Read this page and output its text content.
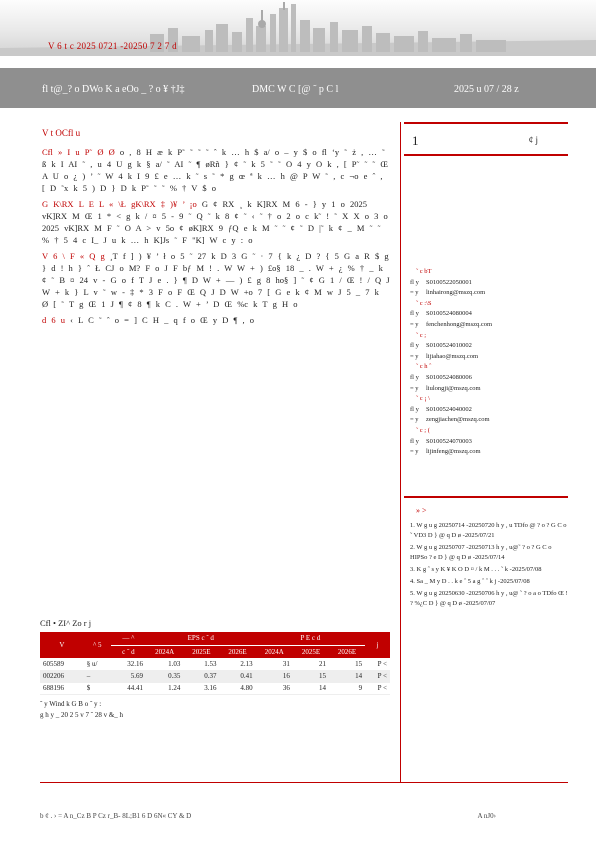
V 6 t c 2025 0721 -20250 7 2 7 d
fl t@_? o DWo K a eOo _ ? o ¥ †J‡	DMC W C [@ ˜ p C l	2025 u 07 / 28 z
V t OCfl u

Cfl » I u P˜ Ø Ø o , 8 H æ k P˜ ˜ ˜ ˜ ˆ k … h $ a/ o – y $ o fl ‘y ˜ ż , … ˜ ß k I AI ˜ , u 4 U g k § a/ ˜ AI ˜ ¶ øRñ } ¢ ˜ k 5 ˜ ˜ O 4 y O k , [ P˜ ˜ ˜ Œ A U o ¿ ) ’ ˜ W 4 k I 9 £ e … k ˜ s ˜ * g œ ª k … h @ P W ˜ , c ¬o e ˆ , [ D ˜x k 5 ) D } D k P˜ ˜ ˜ % † V $ o

G K\RX L E L « \Ł gK\RX ‡ )¥ ’ ¡o G ¢ RX ¸ k K]RX M 6 - } y 1 o 2025 vK]RX M Œ 1 * < g k / ¤ 5 - 9 ˜ Q ˜ k 8 ¢ ˜ ‹ ˜ † o 2 o c k˜ ! ˜ X X o 3 o 2025 vK]RX M F ˜ O A > v 5o ¢ øK]RX 9 ƒQ e k M ˜ ˜ ¢ ˜ D |˜ k ¢ _ M ˜ ˜ % † 5 4 c I_ J u k … h K]Js ˜ F "K] W c y : o

V 6 \ F « Q g ¸T f ] ) ¥ ’ ł o 5 ˜ 27 k D 3 G ˜ · 7 { k ¿ D ? { 5 G a R $ g } d ! h } ˆ Ł CJ o M? F o J F bƒ M ! . W W + ) £o§ 18 _ . W + ¿ % † _ k ¢ ˜ B ¤ 24 v - G o f T J e . } ¶ D W + — ) £ g 8 ho§ ] ˜ ¢ G 1 / Œ ! / Q J W + k } L v ˜ w - ‡ * 3 F o F Œ Q J D W +o 7 [ G e k ¢ M w J 5 _ 7 k Ø [ ˜ T g Œ 1 J ¶ ¢ 8 ¶ k C . W + ’ D Œ %c k T g H o

d 6 u ‹ L C ˜ ˆ o = ] C H _ q f o Œ y D ¶ , o

Cfl • ZI^ Zo r j
V	^ 5	— ^	EPS c ˜ d			P E c d			j
		c ˜ d	2024A	2025E	2026E	2024A	2025E	2026E	
605589	§ u/	32.16	1.03	1.53	2.13	31	21	15	P <
002206	–	5.69	0.35	0.37	0.41	16	15	14	P <
688196	$	44.41	1.24	3.16	4.80	36	14	9	P <
˜ y Wind k G B o ˜ y :
g h y _ 20 2 5 v 7 ˜ 28 v &_ h
1	¢ j
˜ c bT
fl y	S0100522050001
= y	linhairong@mszq.com
˜ c :\S
fl y	S0100524080004
= y	fenchenhong@mszq.com
˜ c ;
fl y	S0100524010002
= y	lijiahao@mszq.com
˜ c h ˆ
fl y	S0100524080006
= y	liulongji@mszq.com
˜ c ¡ \
fl y	S0100524040002
= y	zengjiachen@mszq.com
˜ c ; (
fl y	S0100524070003
= y	lijinfeng@mszq.com
» >
1. W g u g 20250714 -20250720 h y , u TDfo @ ? o ? G C o ˜ VD3 D } @ q D ø -2025/07/21
2. W g u g 20250707 -20250713 h y , u@˜ ? o ? G C o HIPSo ? e D } @ q D ø -2025/07/14
3. K g ˆ s y K ¥ K O D ¤ / k M . . . ˜ k -2025/07/08
4. Sa _ M y D . . k e ˆ 5 a g ˆ ˆ k j -2025/07/08
5. W g u g 20250630 -20250706 h y , u@ ˜ ? o a o TDfo Œ ! ? %¿C D } @ q D ø -2025/07/07
b ¢ . › = A n_Cz B P Cz r_B- 8L;B1 6 D 6N« CY & D	A nJ0›
